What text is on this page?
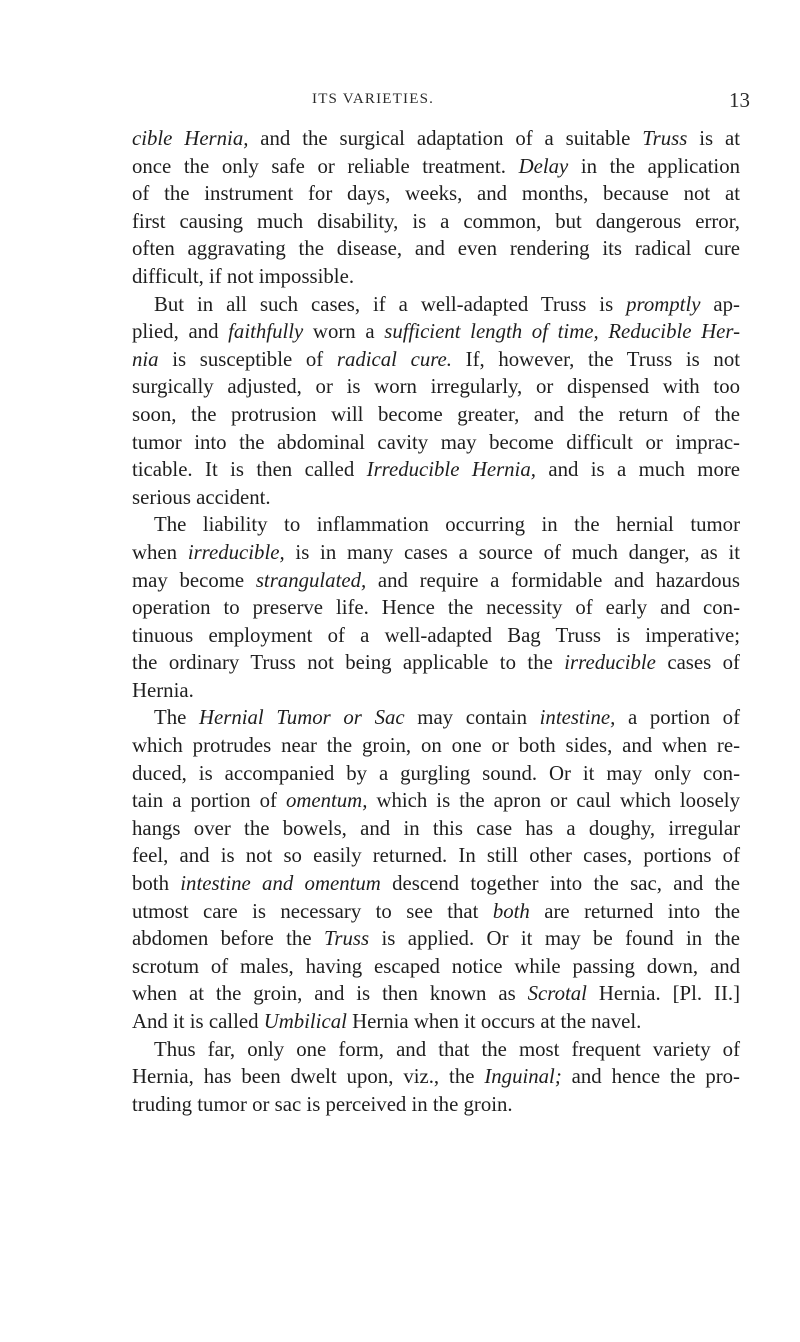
ITS VARIETIES.	13
cible Hernia, and the surgical adaptation of a suitable Truss is at
once the only safe or reliable treatment. Delay in the application
of the instrument for days, weeks, and months, because not at
first causing much disability, is a common, but dangerous error,
often aggravating the disease, and even rendering its radical cure
difficult, if not impossible.
But in all such cases, if a well-adapted Truss is promptly ap-
plied, and faithfully worn a sufficient length of time, Reducible Her-
nia is susceptible of radical cure. If, however, the Truss is not
surgically adjusted, or is worn irregularly, or dispensed with too
soon, the protrusion will become greater, and the return of the
tumor into the abdominal cavity may become difficult or imprac-
ticable. It is then called Irreducible Hernia, and is a much more
serious accident.
The liability to inflammation occurring in the hernial tumor
when irreducible, is in many cases a source of much danger, as it
may become strangulated, and require a formidable and hazardous
operation to preserve life. Hence the necessity of early and con-
tinuous employment of a well-adapted Bag Truss is imperative;
the ordinary Truss not being applicable to the irreducible cases of
Hernia.
The Hernial Tumor or Sac may contain intestine, a portion of
which protrudes near the groin, on one or both sides, and when re-
duced, is accompanied by a gurgling sound. Or it may only con-
tain a portion of omentum, which is the apron or caul which loosely
hangs over the bowels, and in this case has a doughy, irregular
feel, and is not so easily returned. In still other cases, portions of
both intestine and omentum descend together into the sac, and the
utmost care is necessary to see that both are returned into the
abdomen before the Truss is applied. Or it may be found in the
scrotum of males, having escaped notice while passing down, and
when at the groin, and is then known as Scrotal Hernia. [Pl. II.]
And it is called Umbilical Hernia when it occurs at the navel.
Thus far, only one form, and that the most frequent variety of
Hernia, has been dwelt upon, viz., the Inguinal; and hence the pro-
truding tumor or sac is perceived in the groin.
